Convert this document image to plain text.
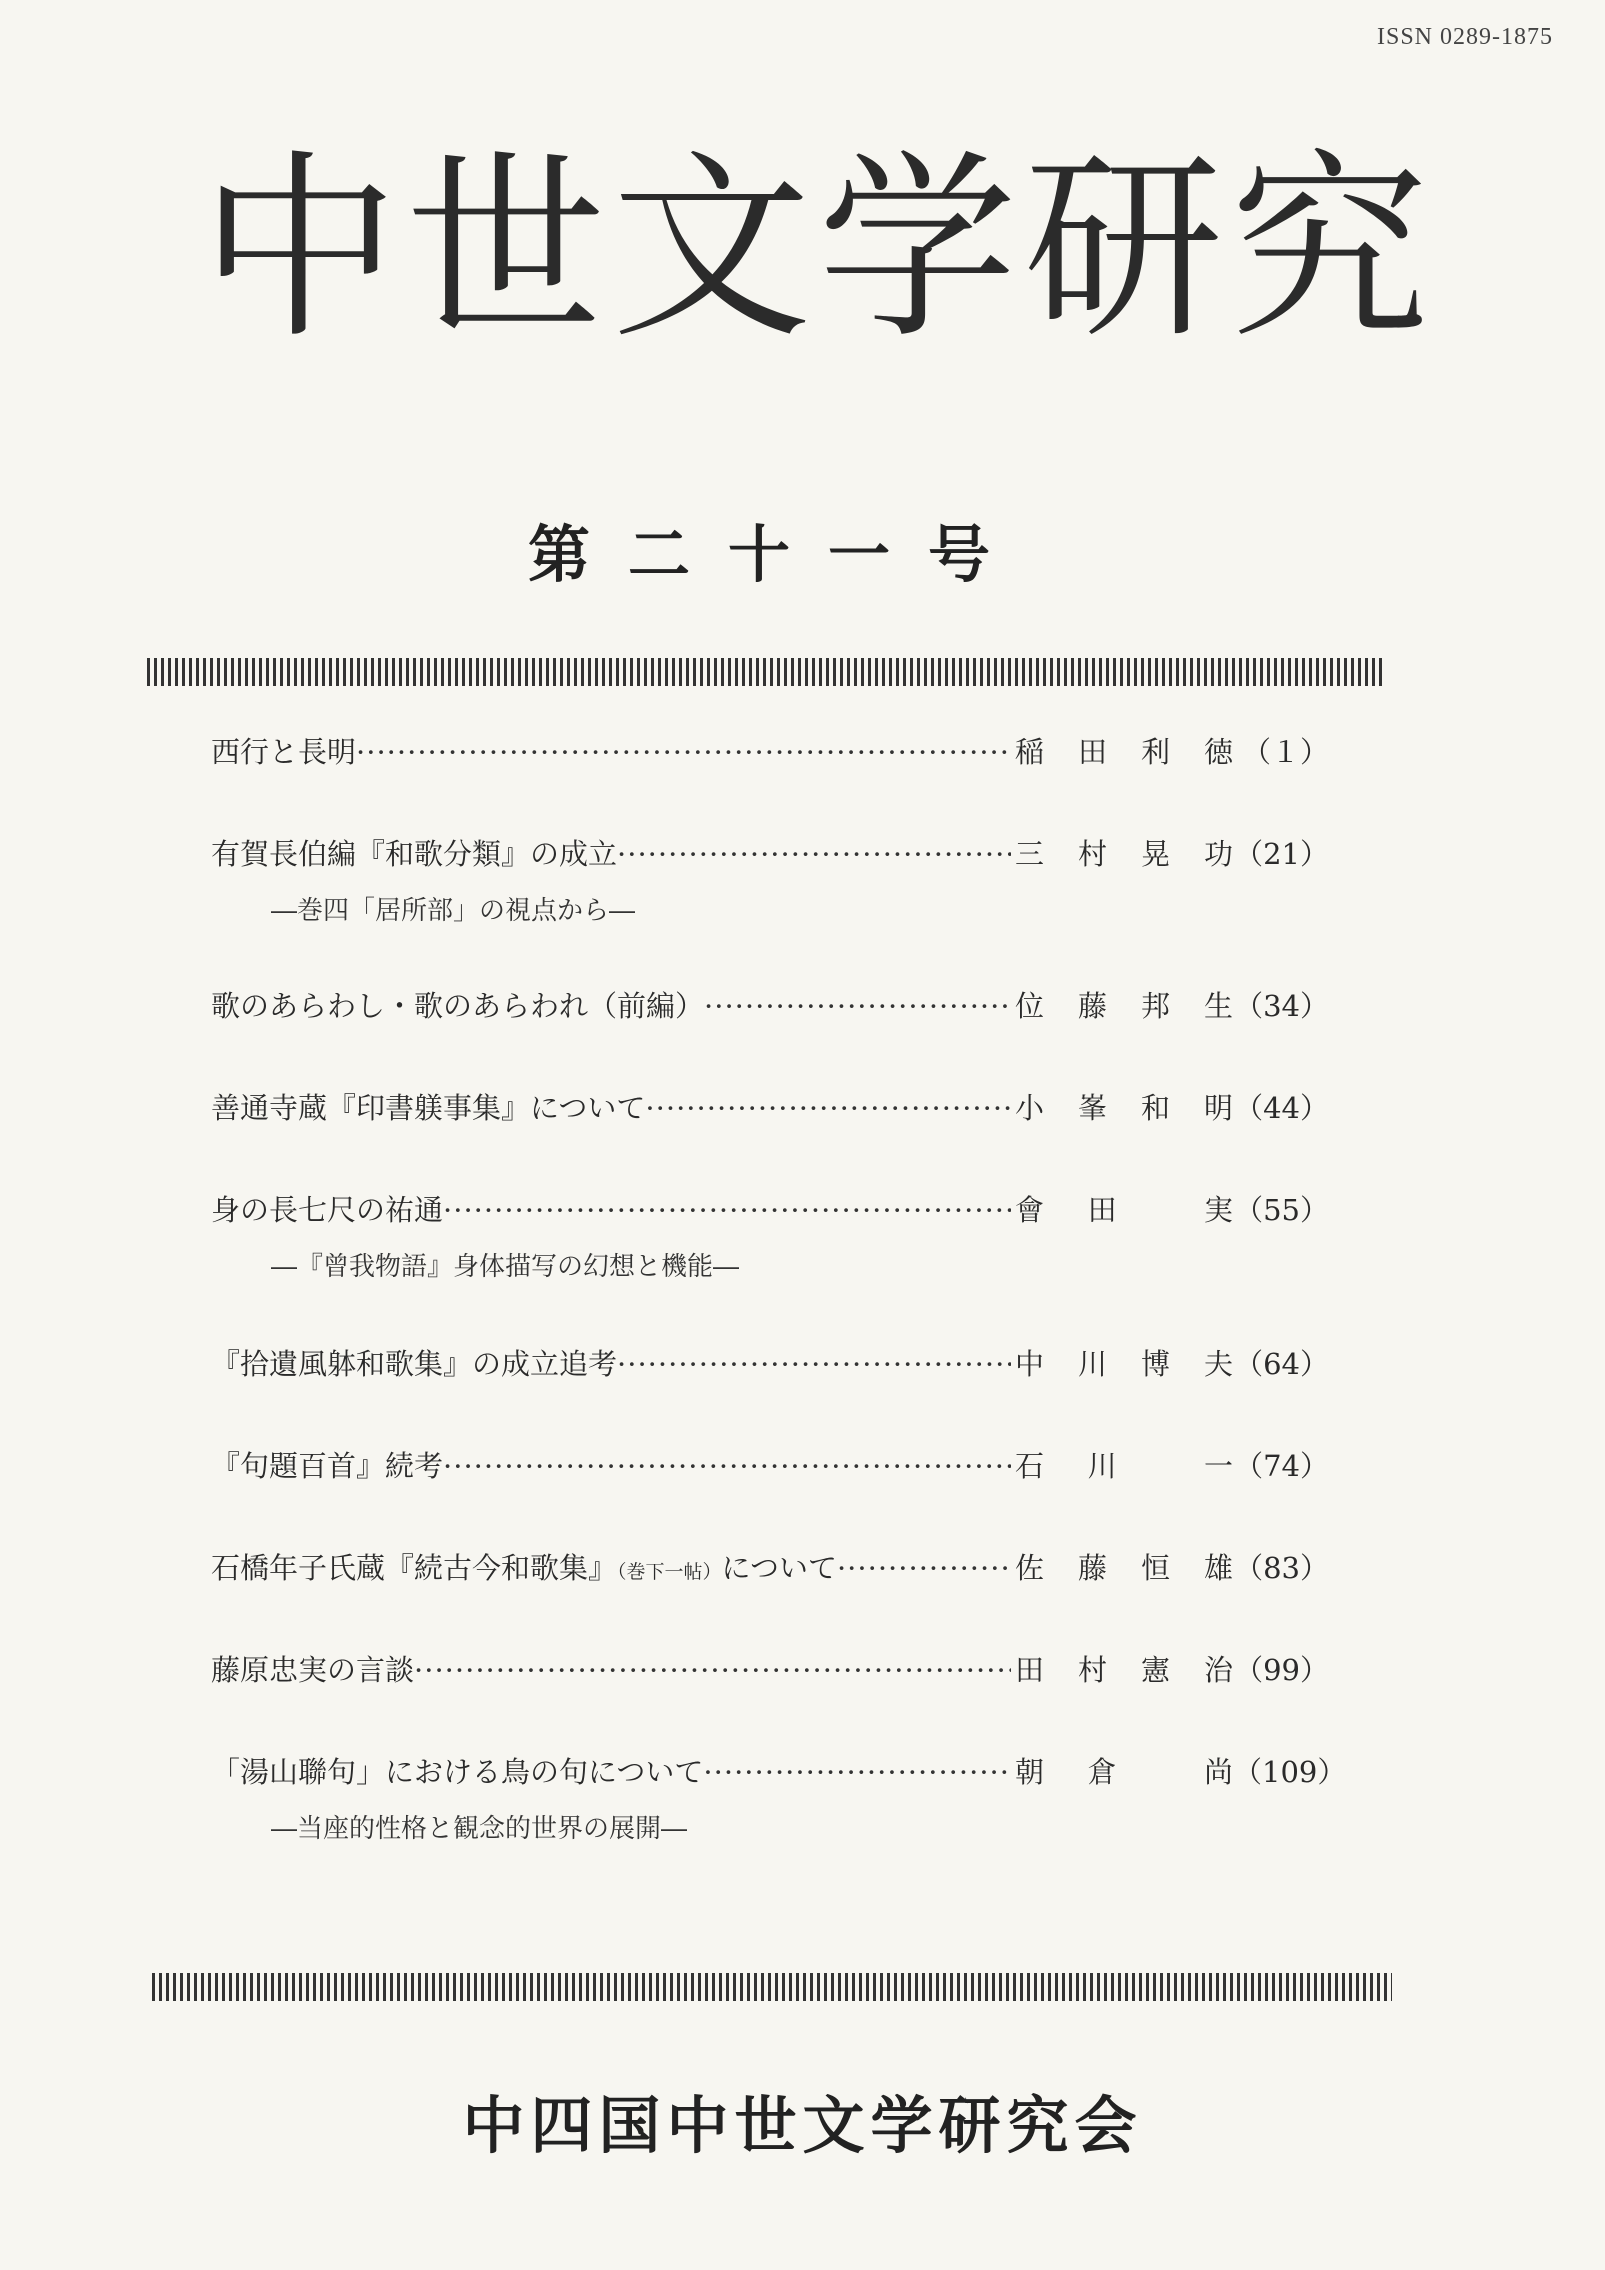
ISSN 0289-1875
中世文学研究
第二十一号
西行と長明 ·····	稲 田 利 徳 （１）
有賀長伯編『和歌分類』の成立 ·····	三 村 晃 功 （21）
―巻四「居所部」の視点から―
歌のあらわし・歌のあらわれ（前編） ·····	位 藤 邦 生 （34）
善通寺蔵『印書躾事集』について ·····	小 峯 和 明 （44）
身の長七尺の祐通 ·····	會 田	実 （55）
―『曾我物語』身体描写の幻想と機能―
『拾遺風躰和歌集』の成立追考 ·····	中 川 博 夫 （64）
『句題百首』続考 ·····	石 川	一 （74）
石橋年子氏蔵『続古今和歌集』（巻下一帖）について ·····	佐 藤 恒 雄 （83）
藤原忠実の言談 ·····	田 村 憲 治 （99）
「湯山聯句」における鳥の句について ·····	朝 倉	尚 （109）
―当座的性格と観念的世界の展開―
中四国中世文学研究会
